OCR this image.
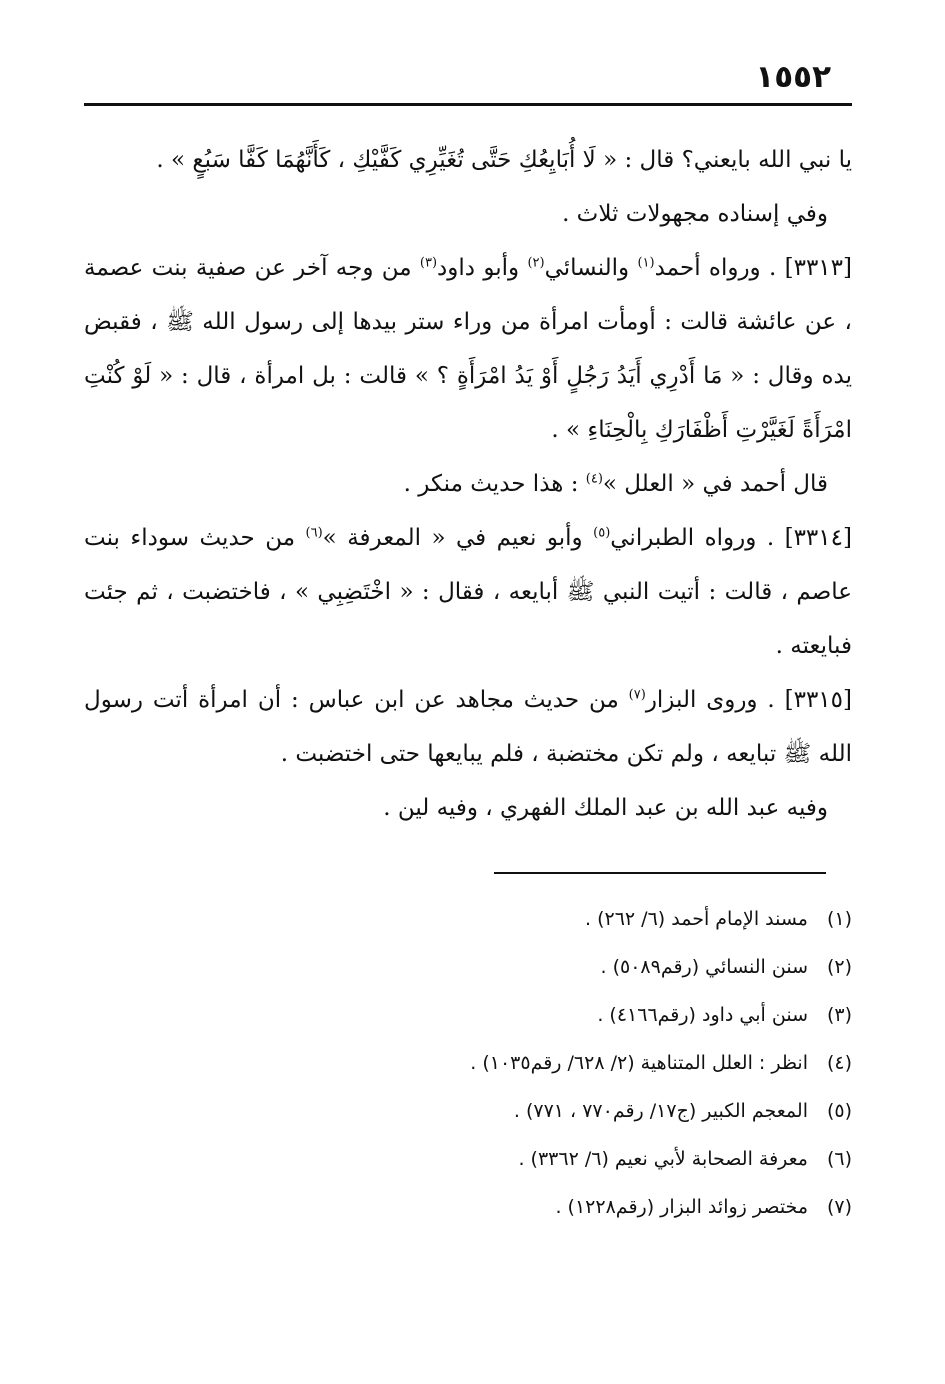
١٥٥٢

يا نبي الله بايعني؟ قال : « لَا أُبَايِعُكِ حَتَّى تُغَيِّرِي كَفَّيْكِ ، كَأَنَّهُمَا كَفَّا سَبُعٍ » .

وفي إسناده مجهولات ثلاث .

[٣٣١٣] . ورواه أحمد$^{(١)}$ والنسائي$^{(٢)}$ وأبو داود$^{(٣)}$ من وجه آخر عن صفية بنت عصمة ، عن عائشة قالت : أومأت امرأة من وراء ستر بيدها إلى رسول الله ﷺ ، فقبض يده وقال : « مَا أَدْرِي أَيَدُ رَجُلٍ أَوْ يَدُ امْرَأَةٍ ؟ » قالت : بل امرأة ، قال : « لَوْ كُنْتِ امْرَأَةً لَغَيَّرْتِ أَظْفَارَكِ بِالْحِنَاءِ » .

قال أحمد في « العلل »$^{(٤)}$ : هذا حديث منكر .

[٣٣١٤] . ورواه الطبراني$^{(٥)}$ وأبو نعيم في « المعرفة »$^{(٦)}$ من حديث سوداء بنت عاصم ، قالت : أتيت النبي ﷺ أبايعه ، فقال : « اخْتَضِبِي » ، فاختضبت ، ثم جئت فبايعته .

[٣٣١٥] . وروى البزار$^{(٧)}$ من حديث مجاهد عن ابن عباس : أن امرأة أتت رسول الله ﷺ تبايعه ، ولم تكن مختضبة ، فلم يبايعها حتى اختضبت .

وفيه عبد الله بن عبد الملك الفهري ، وفيه لين .

(١)
مسند الإمام أحمد (٦/ ٢٦٢) .
(٢)
سنن النسائي (رقم٥٠٨٩) .
(٣)
سنن أبي داود (رقم٤١٦٦) .
(٤)
انظر : العلل المتناهية (٢/ ٦٢٨/ رقم١٠٣٥) .
(٥)
المعجم الكبير (ج١٧/ رقم٧٧٠ ، ٧٧١) .
(٦)
معرفة الصحابة لأبي نعيم (٦/ ٣٣٦٢) .
(٧)
مختصر زوائد البزار (رقم١٢٢٨) .
